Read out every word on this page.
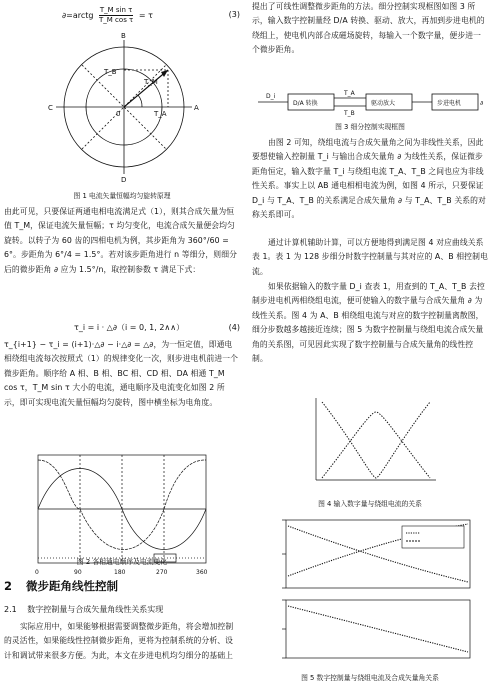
∂=arctg $\frac{\text{T\_M sin τ}}{\text{T\_M cos τ}} = \tau$	(3)
A
B
C
D
T_M
T_A
T_B
0

图 1 电流矢量恒幅均匀旋转原理

由此可见，只要保证两通电相电流满足式（1），则其合成矢量为恒值 T_M，保证电流矢量恒幅；τ 均匀变化，电流合成矢量便会均匀旋转。以转子为 60 齿的四相电机为例，其步距角为 360°/60 = 6°。步距角为 6°/4 = 1.5°。若对该步距角进行 n 等细分，则细分后的微步距角 ∂ 应为 1.5°/n，取控制参数 τ 满足下式：

τ_i = i · △∂（i = 0, 1, 2∧∧）	(4)

τ_{i+1} − τ_i = (i+1)·△∂ − i·△∂ = △∂，为一恒定值，即通电相绕组电流每次按照式（1）的规律变化一次，则步进电机前进一个微步距角。顺序给 A 相、B 相、BC 相、CD 相、DA 相通 T_M cos τ，T_M sin τ 大小的电流，通电顺序及电流变化如图 2 所示，即可实现电流矢量恒幅均匀旋转，图中横坐标为电角度。

0	90	180	270	360

图 2 各相通电顺序及电流变化

2 微步距角线性控制
2.1 数字控制量与合成矢量角线性关系实现

实际应用中，如果能够根据需要调整微步距角，将会增加控制的灵活性，如果能线性控制微步距角，更将为控制系统的分析、设计和调试带来很多方便。为此，本文在步进电机均匀细分的基础上

提出了可线性调整微步距角的方法。细分控制实现框图如图 3 所示，输入数字控制量经 D/A 转换、驱动、放大，再加到步进电机的绕组上，使电机内部合成磁场旋转，每输入一个数字量，便步进一个微步距角。

D/A 转换	驱动放大	步进电机
D_i	T_A
T_B
∂

图 3 细分控制实现框图

由图 2 可知，绕组电流与合成矢量角之间为非线性关系，因此要想使输入控制量 T_i 与输出合成矢量角 ∂ 为线性关系，保证微步距角恒定，输入数字量 T_i 与绕组电流 T_A、T_B 之间也应为非线性关系。事实上以 AB 通电相相电流为例，如图 4 所示，只要保证 D_i 与 T_A、T_B 的关系满足合成矢量角 ∂ 与 T_A、T_B 关系的对称关系即可。

通过计算机辅助计算，可以方便地得到满足图 4 对应曲线关系表 1。表 1 为 128 步细分时数字控制量与其对应的 A、B 相控制电流。

如果依据输入的数字量 D_i 查表 1，用查到的 T_A、T_B 去控制步进电机两相绕组电流，便可使输入的数字量与合成矢量角 ∂ 为线性关系。图 4 为 A、B 相绕组电流与对应的数字控制量离散图，细分步数越多越接近连续；图 5 为数字控制量与绕组电流合成矢量角的关系图，可见因此实现了数字控制量与合成矢量角的线性控制。

图 4 输入数字量与绕组电流的关系

图 5 数字控制量与绕组电流及合成矢量角关系
